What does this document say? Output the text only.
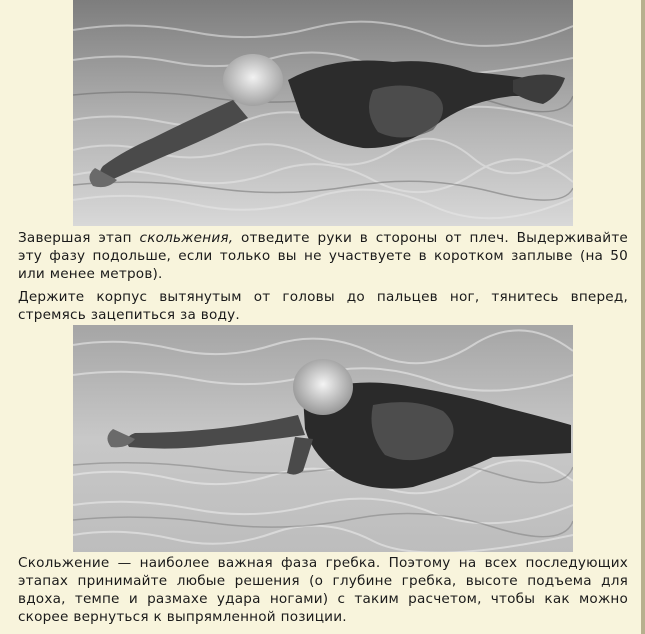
Завершая этап скольжения, отведите руки в стороны от плеч. Выдерживайте эту фазу подольше, если только вы не участвуете в коротком заплыве (на 50 или менее метров).

Держите корпус вытянутым от головы до пальцев ног, тянитесь вперед, стремясь зацепиться за воду.

Скольжение — наиболее важная фаза гребка. Поэтому на всех последующих этапах принимайте любые решения (о глубине гребка, высоте подъема для вдоха, темпе и размахе удара ногами) с таким расчетом, чтобы как можно скорее вернуться к выпрямленной позиции.
